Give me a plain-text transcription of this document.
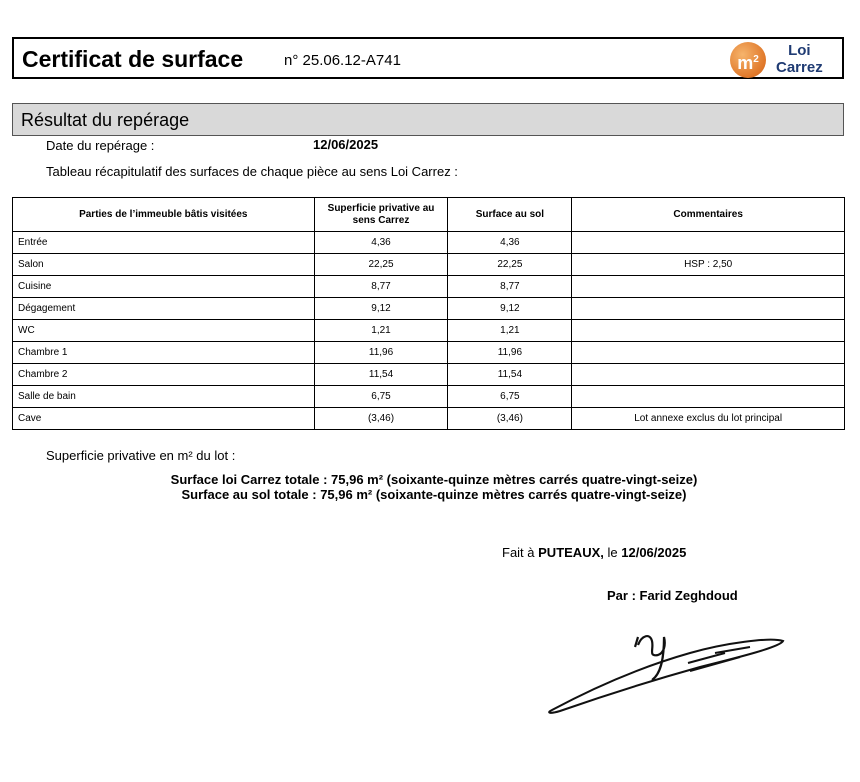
Certificat de surface	n° 25.06.12-A741	$m^2$
Loi
Carrez
Résultat du repérage
Date du repérage :	12/06/2025
Tableau récapitulatif des surfaces de chaque pièce au sens Loi Carrez :
Parties de l’immeuble bâtis visitées	Superficie privative au sens Carrez	Surface au sol	Commentaires
Entrée	4,36	4,36	
Salon	22,25	22,25	HSP : 2,50
Cuisine	8,77	8,77	
Dégagement	9,12	9,12	
WC	1,21	1,21	
Chambre 1	11,96	11,96	
Chambre 2	11,54	11,54	
Salle de bain	6,75	6,75	
Cave	(3,46)	(3,46)	Lot annexe exclus du lot principal
Superficie privative en m² du lot :
Surface loi Carrez totale : 75,96 m² (soixante-quinze mètres carrés quatre-vingt-seize)
Surface au sol totale : 75,96 m² (soixante-quinze mètres carrés quatre-vingt-seize)
Fait à PUTEAUX, le 12/06/2025
Par : Farid Zeghdoud
